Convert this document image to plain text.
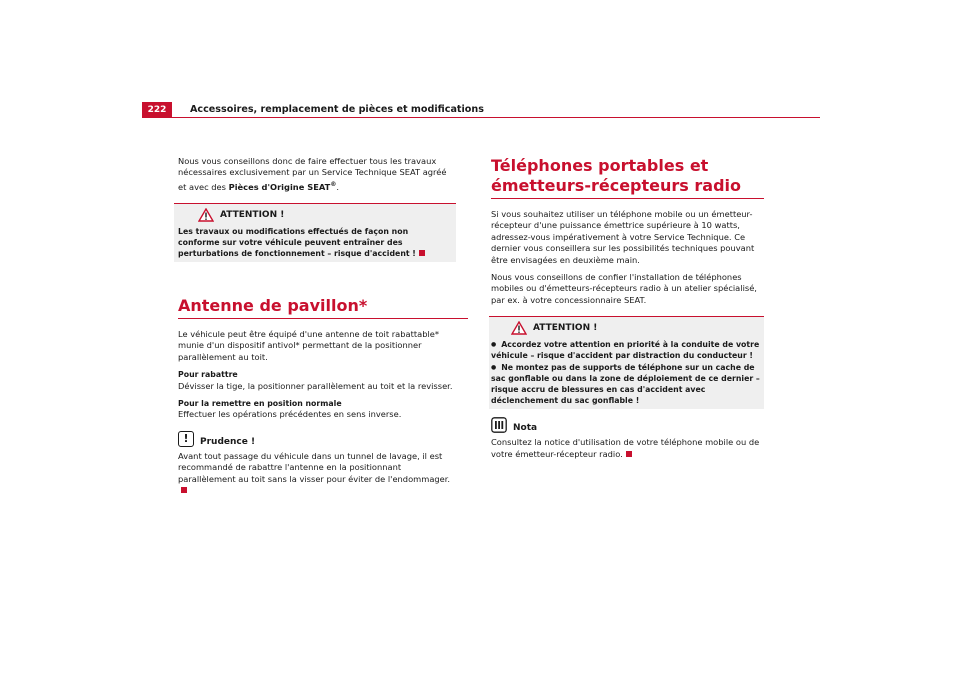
222	Accessoires, remplacement de pièces et modifications

Nous vous conseillons donc de faire effectuer tous les travaux nécessaires exclusivement par un Service Technique SEAT agréé et avec des Pièces d'Origine SEAT®.

ATTENTION !
Les travaux ou modifications effectués de façon non conforme sur votre véhicule peuvent entraîner des perturbations de fonctionnement – risque d'accident !
Antenne de pavillon*

Le véhicule peut être équipé d'une antenne de toit rabattable* munie d'un dispositif antivol* permettant de la positionner parallèlement au toit.

Pour rabattre

Dévisser la tige, la positionner parallèlement au toit et la revisser.

Pour la remettre en position normale

Effectuer les opérations précédentes en sens inverse.

!	Prudence !

Avant tout passage du véhicule dans un tunnel de lavage, il est recommandé de rabattre l'antenne en la positionnant parallèlement au toit sans la visser pour éviter de l'endommager.

Téléphones portables et émetteurs-récepteurs radio

Si vous souhaitez utiliser un téléphone mobile ou un émetteur-récepteur d'une puissance émettrice supérieure à 10 watts, adressez-vous impérativement à votre Service Technique. Ce dernier vous conseillera sur les possibilités techniques pouvant être envisagées en deuxième main.

Nous vous conseillons de confier l'installation de téléphones mobiles ou d'émetteurs-récepteurs radio à un atelier spécialisé, par ex. à votre concessionnaire SEAT.

ATTENTION !
● Accordez votre attention en priorité à la conduite de votre véhicule – risque d'accident par distraction du conducteur !
● Ne montez pas de supports de téléphone sur un cache de sac gonflable ou dans la zone de déploiement de ce dernier – risque accru de blessures en cas d'accident avec déclenchement du sac gonflable !
Nota

Consultez la notice d'utilisation de votre téléphone mobile ou de votre émetteur-récepteur radio.
